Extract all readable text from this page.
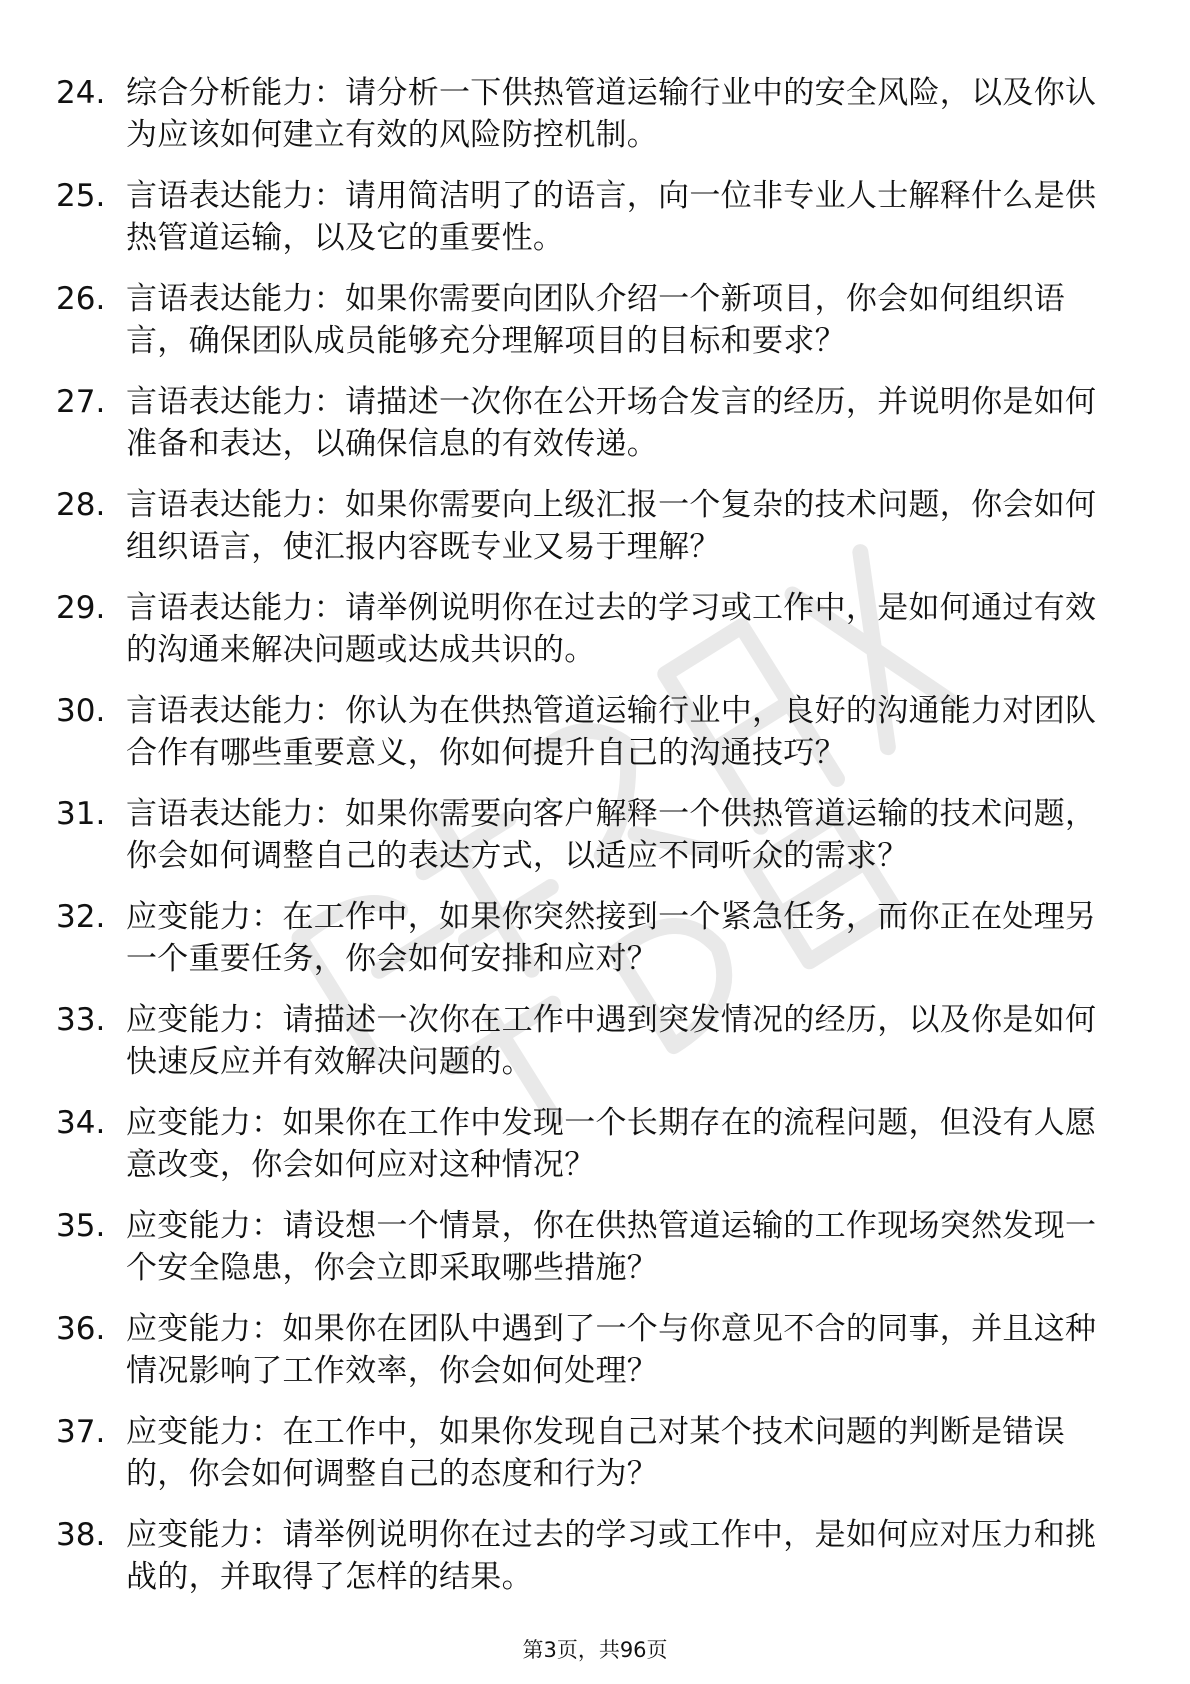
24. 综合分析能力：请分析一下供热管道运输行业中的安全风险，以及你认为应该如何建立有效的风险防控机制。
25. 言语表达能力：请用简洁明了的语言，向一位非专业人士解释什么是供热管道运输，以及它的重要性。
26. 言语表达能力：如果你需要向团队介绍一个新项目，你会如何组织语言，确保团队成员能够充分理解项目的目标和要求？
27. 言语表达能力：请描述一次你在公开场合发言的经历，并说明你是如何准备和表达，以确保信息的有效传递。
28. 言语表达能力：如果你需要向上级汇报一个复杂的技术问题，你会如何组织语言，使汇报内容既专业又易于理解？
29. 言语表达能力：请举例说明你在过去的学习或工作中，是如何通过有效的沟通来解决问题或达成共识的。
30. 言语表达能力：你认为在供热管道运输行业中，良好的沟通能力对团队合作有哪些重要意义，你如何提升自己的沟通技巧？
31. 言语表达能力：如果你需要向客户解释一个供热管道运输的技术问题，你会如何调整自己的表达方式，以适应不同听众的需求？
32. 应变能力：在工作中，如果你突然接到一个紧急任务，而你正在处理另一个重要任务，你会如何安排和应对？
33. 应变能力：请描述一次你在工作中遇到突发情况的经历，以及你是如何快速反应并有效解决问题的。
34. 应变能力：如果你在工作中发现一个长期存在的流程问题，但没有人愿意改变，你会如何应对这种情况？
35. 应变能力：请设想一个情景，你在供热管道运输的工作现场突然发现一个安全隐患，你会立即采取哪些措施？
36. 应变能力：如果你在团队中遇到了一个与你意见不合的同事，并且这种情况影响了工作效率，你会如何处理？
37. 应变能力：在工作中，如果你发现自己对某个技术问题的判断是错误的，你会如何调整自己的态度和行为？
38. 应变能力：请举例说明你在过去的学习或工作中，是如何应对压力和挑战的，并取得了怎样的结果。
第3页，共96页
